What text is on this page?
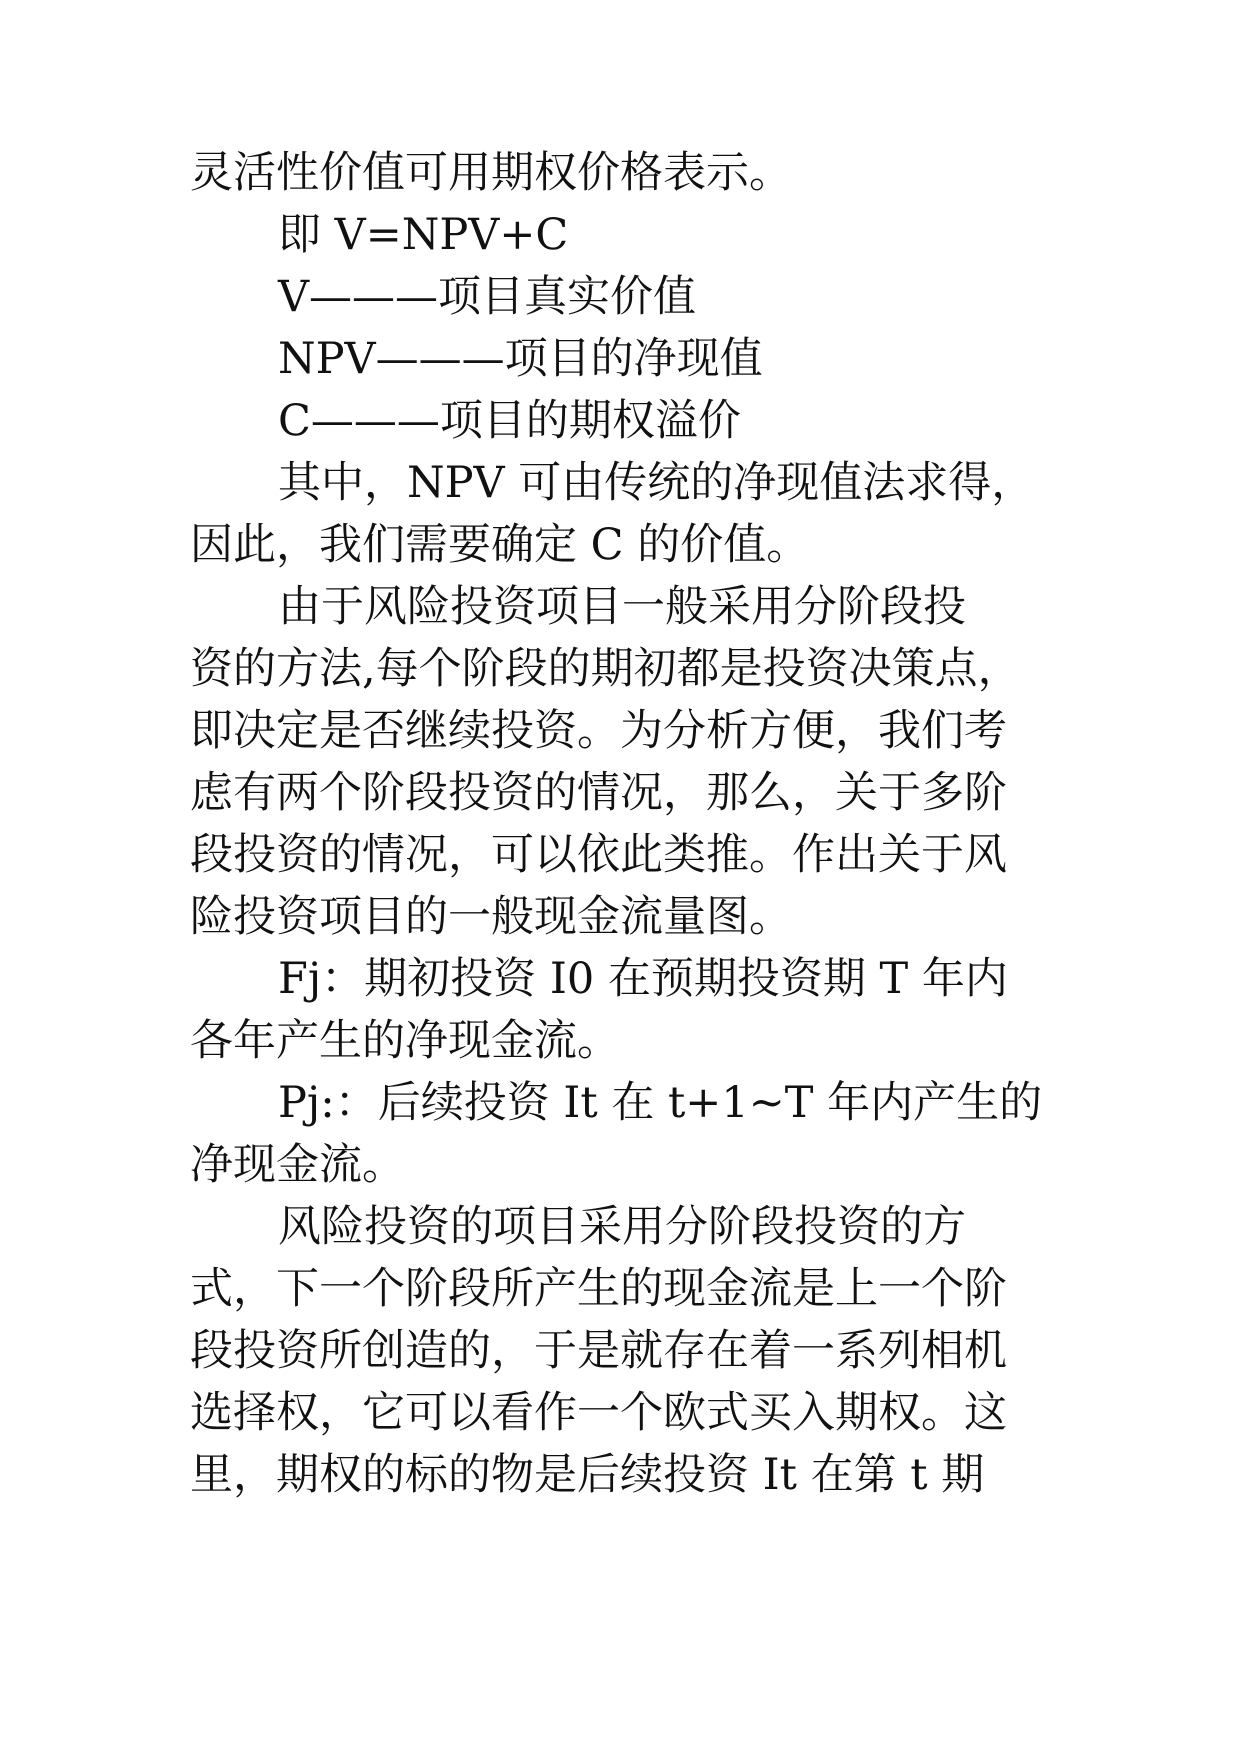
灵活性价值可用期权价格表示。
即 V=NPV+C
V———项目真实价值
NPV———项目的净现值
C———项目的期权溢价
其中，NPV 可由传统的净现值法求得，
因此，我们需要确定 C 的价值。
由于风险投资项目一般采用分阶段投
资的方法,每个阶段的期初都是投资决策点，
即决定是否继续投资。为分析方便，我们考
虑有两个阶段投资的情况，那么，关于多阶
段投资的情况，可以依此类推。作出关于风
险投资项目的一般现金流量图。
Fj：期初投资 I0 在预期投资期 T 年内
各年产生的净现金流。
Pj:：后续投资 It 在 t+1~T 年内产生的
净现金流。
风险投资的项目采用分阶段投资的方
式，下一个阶段所产生的现金流是上一个阶
段投资所创造的，于是就存在着一系列相机
选择权，它可以看作一个欧式买入期权。这
里，期权的标的物是后续投资 It 在第 t 期
